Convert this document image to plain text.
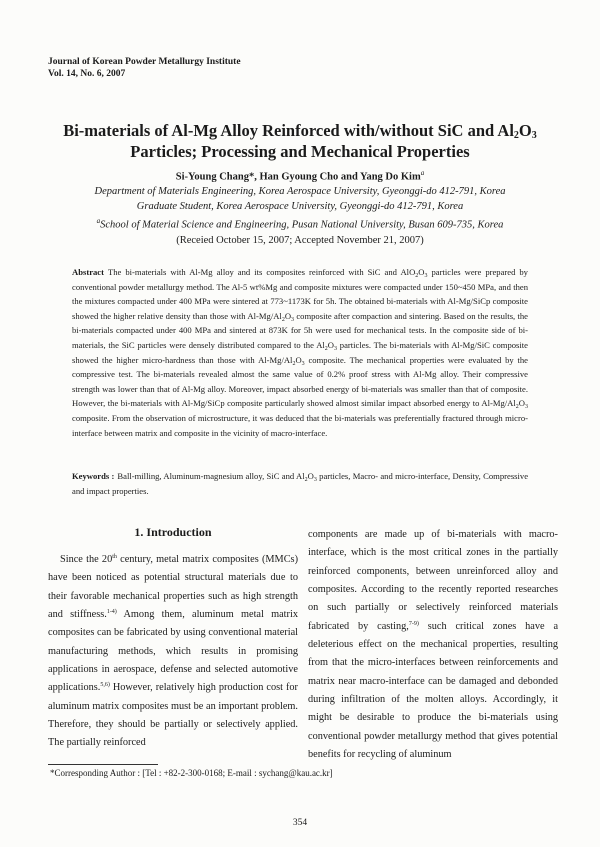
Journal of Korean Powder Metallurgy Institute
Vol. 14, No. 6, 2007
Bi-materials of Al-Mg Alloy Reinforced with/without SiC and $Al_2O_3$
Particles; Processing and Mechanical Properties
Si-Young Chang*, Han Gyoung Cho and Yang Do Kim$^a$
Department of Materials Engineering, Korea Aerospace University, Gyeonggi-do 412-791, Korea
Graduate Student, Korea Aerospace University, Gyeonggi-do 412-791, Korea
$^a$School of Material Science and Engineering, Pusan National University, Busan 609-735, Korea
(Receied October 15, 2007; Accepted November 21, 2007)
Abstract The bi-materials with Al-Mg alloy and its composites reinforced with SiC and $AlO_2O_3$ particles were prepared by conventional powder metallurgy method. The Al-5 wt%Mg and composite mixtures were compacted under 150~450 MPa, and then the mixtures compacted under 400 MPa were sintered at 773~1173K for 5h. The obtained bi-materials with Al-Mg/SiCp composite showed the higher relative density than those with $Al-Mg/Al_2O_3$ composite after compaction and sintering. Based on the results, the bi-materials compacted under 400 MPa and sintered at 873K for 5h were used for mechanical tests. In the composite side of bi-materials, the SiC particles were densely distributed compared to the $Al_2O_3$ particles. The bi-materials with Al-Mg/SiC composite showed the higher micro-hardness than those with $Al-Mg/Al_2O_3$ composite. The mechanical properties were evaluated by the compressive test. The bi-materials revealed almost the same value of 0.2% proof stress with Al-Mg alloy. Their compressive strength was lower than that of Al-Mg alloy. Moreover, impact absorbed energy of bi-materials was smaller than that of composite. However, the bi-materials with Al-Mg/SiCp composite particularly showed almost similar impact absorbed energy to $Al-Mg/Al_2O_3$ composite. From the observation of microstructure, it was deduced that the bi-materials was preferentially fractured through micro-interface between matrix and composite in the vicinity of macro-interface.
Keywords : Ball-milling, Aluminum-magnesium alloy, SiC and $Al_2O_3$ particles, Macro- and micro-interface, Density, Compressive and impact properties.
1. Introduction

Since the 20th century, metal matrix composites (MMCs) have been noticed as potential structural materials due to their favorable mechanical properties such as high strength and stiffness.$^{1-4)}$ Among them, aluminum metal matrix composites can be fabricated by using conventional material manufacturing methods, which results in promising applications in aerospace, defense and selected automotive applications.$^{5,6)}$ However, relatively high production cost for aluminum matrix composites must be an important problem. Therefore, they should be partially or selectively applied. The partially reinforced

components are made up of bi-materials with macro-interface, which is the most critical zones in the partially reinforced components, between unreinforced alloy and composites. According to the recently reported researches on such partially or selectively reinforced materials fabricated by casting,$^{7-9)}$ such critical zones have a deleterious effect on the mechanical properties, resulting from that the micro-interfaces between reinforcements and matrix near macro-interface can be damaged and debonded during infiltration of the molten alloys. Accordingly, it might be desirable to produce the bi-materials using conventional powder metallurgy method that gives potential benefits for recycling of aluminum

*Corresponding Author : [Tel : +82-2-300-0168; E-mail : sychang@kau.ac.kr]
354
